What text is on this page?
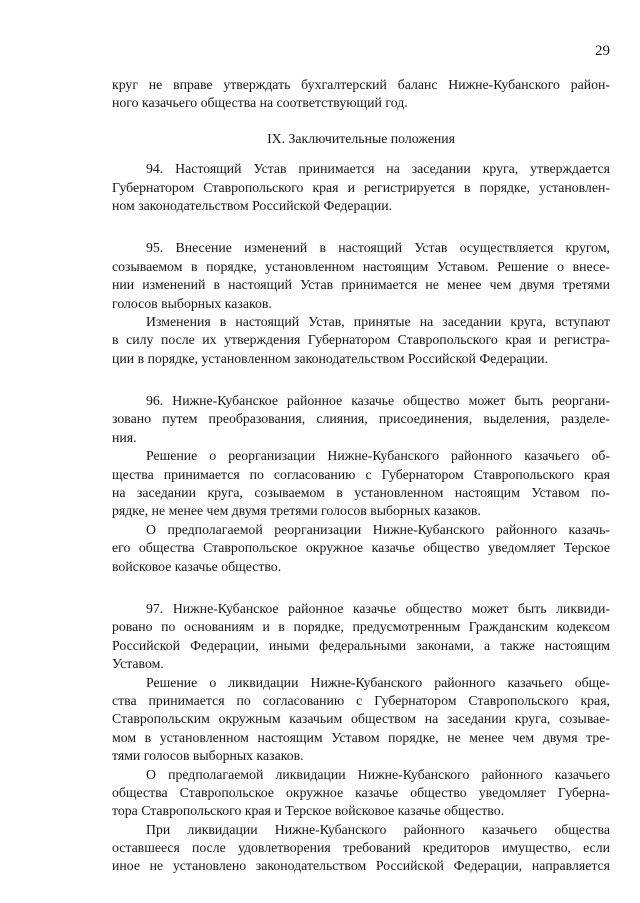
29
круг не вправе утверждать бухгалтерский баланс Нижне-Кубанского район-
ного казачьего общества на соответствующий год.
IX. Заключительные положения
94. Настоящий Устав принимается на заседании круга, утверждается
Губернатором Ставропольского края и регистрируется в порядке, установлен-
ном законодательством Российской Федерации.
95. Внесение изменений в настоящий Устав осуществляется кругом,
созываемом в порядке, установленном настоящим Уставом. Решение о внесе-
нии изменений в настоящий Устав принимается не менее чем двумя третями
голосов выборных казаков.
Изменения в настоящий Устав, принятые на заседании круга, вступают
в силу после их утверждения Губернатором Ставропольского края и регистра-
ции в порядке, установленном законодательством Российской Федерации.
96. Нижне-Кубанское районное казачье общество может быть реоргани-
зовано путем преобразования, слияния, присоединения, выделения, разделе-
ния.
Решение о реорганизации Нижне-Кубанского районного казачьего об-
щества принимается по согласованию с Губернатором Ставропольского края
на заседании круга, созываемом в установленном настоящим Уставом по-
рядке, не менее чем двумя третями голосов выборных казаков.
О предполагаемой реорганизации Нижне-Кубанского районного казачь-
его общества Ставропольское окружное казачье общество уведомляет Терское
войсковое казачье общество.
97. Нижне-Кубанское районное казачье общество может быть ликвиди-
ровано по основаниям и в порядке, предусмотренным Гражданским кодексом
Российской Федерации, иными федеральными законами, а также настоящим
Уставом.
Решение о ликвидации Нижне-Кубанского районного казачьего обще-
ства принимается по согласованию с Губернатором Ставропольского края,
Ставропольским окружным казачьим обществом на заседании круга, созывае-
мом в установленном настоящим Уставом порядке, не менее чем двумя тре-
тями голосов выборных казаков.
О предполагаемой ликвидации Нижне-Кубанского районного казачьего
общества Ставропольское окружное казачье общество уведомляет Губерна-
тора Ставропольского края и Терское войсковое казачье общество.
При ликвидации Нижне-Кубанского районного казачьего общества
оставшееся после удовлетворения требований кредиторов имущество, если
иное не установлено законодательством Российской Федерации, направляется
